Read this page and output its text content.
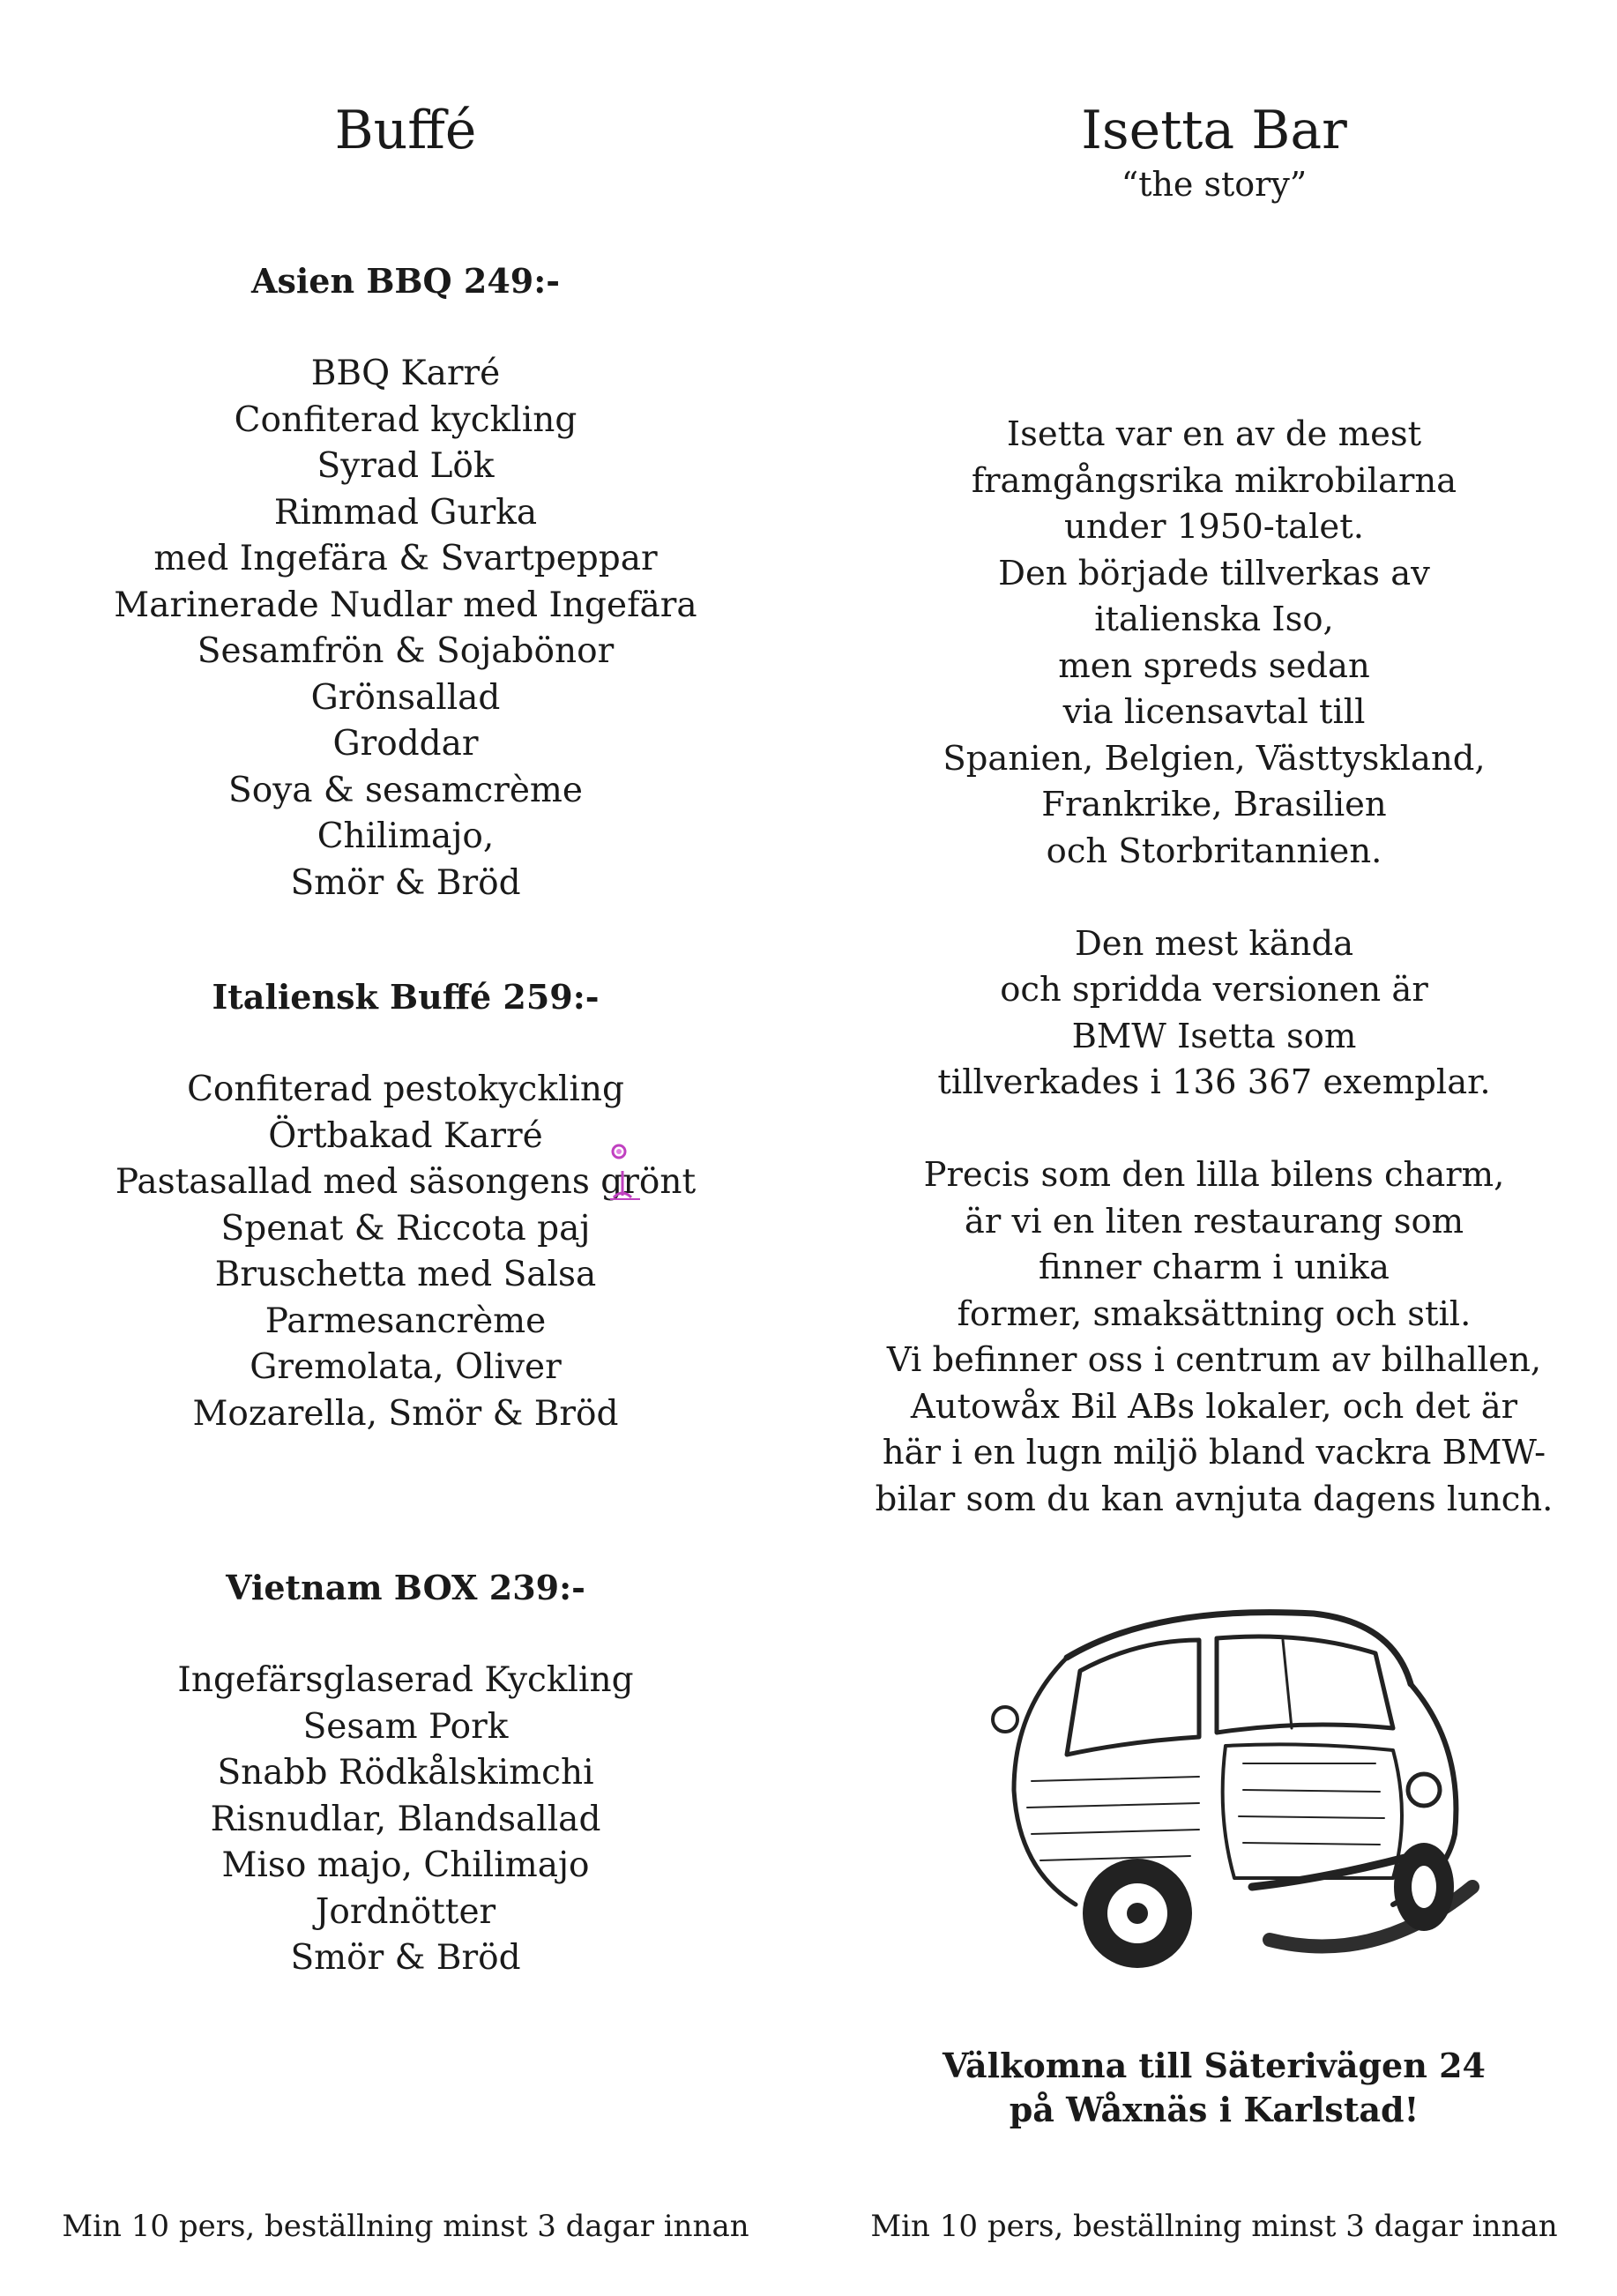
Buffé
Asien BBQ 249:-
BBQ Karré
Confiterad kyckling
Syrad Lök
Rimmad Gurka
med Ingefära & Svartpeppar
Marinerade Nudlar med Ingefära
Sesamfrön & Sojabönor
Grönsallad
Groddar
Soya & sesamcrème
Chilimajo,
Smör & Bröd
Italiensk Buffé 259:-
Confiterad pestokyckling
Örtbakad Karré
Pastasallad med säsongens grönt
Spenat & Riccota paj
Bruschetta med Salsa
Parmesancrème
Gremolata, Oliver
Mozarella, Smör & Bröd
Vietnam BOX 239:-
Ingefärsglaserad Kyckling
Sesam Pork
Snabb Rödkålskimchi
Risnudlar, Blandsallad
Miso majo, Chilimajo
Jordnötter
Smör & Bröd
Min 10 pers, beställning minst 3 dagar innan
Isetta Bar
“the story”
Isetta var en av de mest
framgångsrika mikrobilarna
under 1950-talet.
Den började tillverkas av
italienska Iso,
men spreds sedan
via licensavtal till
Spanien, Belgien, Västtyskland,
Frankrike, Brasilien
och Storbritannien.
Den mest kända
och spridda versionen är
BMW Isetta som
tillverkades i 136 367 exemplar.
Precis som den lilla bilens charm,
är vi en liten restaurang som
finner charm i unika
former, smaksättning och stil.
Vi befinner oss i centrum av bilhallen,
Autowåx Bil ABs lokaler, och det är
här i en lugn miljö bland vackra BMW-
bilar som du kan avnjuta dagens lunch.
Välkomna till Säterivägen 24
på Wåxnäs i Karlstad!
Min 10 pers, beställning minst 3 dagar innan
